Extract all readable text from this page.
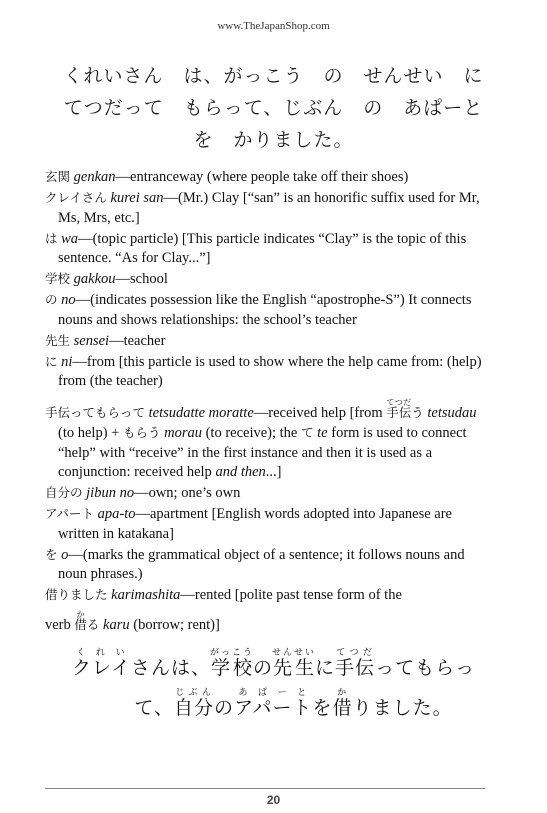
www.TheJapanShop.com
くれいさん　は、がっこう　の　せんせい　に
てつだって　もらって、じぶん　の　あぱーと
を　かりました。
玄関 genkan—entranceway (where people take off their shoes)
クレイさん kurei san—(Mr.) Clay [“san” is an honorific suffix used for Mr, Ms, Mrs, etc.]
は wa—(topic particle) [This particle indicates “Clay” is the topic of this sentence. “As for Clay...”]
学校 gakkou—school
の no—(indicates possession like the English “apostrophe-S”) It connects nouns and shows relationships: the school’s teacher
先生 sensei—teacher
に ni—from [this particle is used to show where the help came from: (help) from (the teacher)
手伝ってもらって tetsudatte moratte—received help [from 手伝てつだう tetsudau (to help) + もらう morau (to receive); the て te form is used to connect “help” with “receive” in the first instance and then it is used as a conjunction: received help and then...]
自分の jibun no—own; one’s own
アパート apa-to—apartment [English words adopted into Japanese are written in katakana]
を o—(marks the grammatical object of a sentence; it follows nouns and noun phrases.)
借りました karimashita—rented [polite past tense form of the
verb 借かる karu (borrow; rent)]
クレイくれいさんは、学校がっこうの先生せんせいに手伝てつだってもらっ
て、自分じぶんのアパートあぱーとを借かりました。
20
